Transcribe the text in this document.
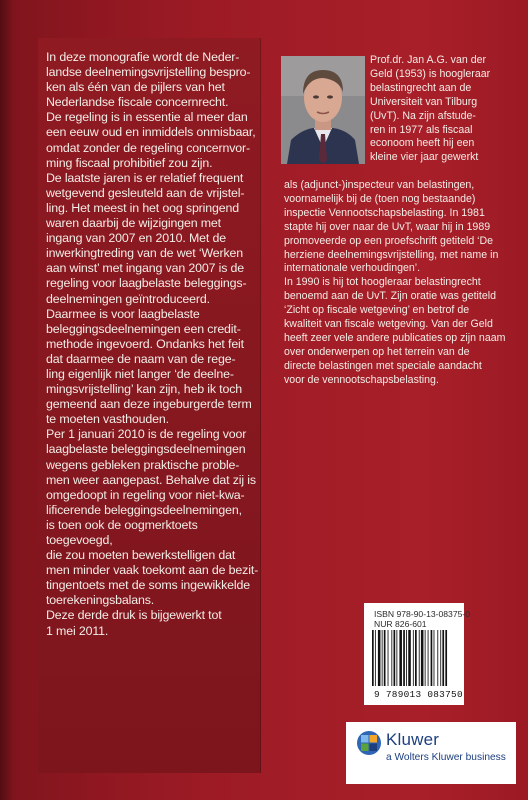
In deze monografie wordt de Neder-

landse deelnemingsvrijstelling bespro-

ken als één van de pijlers van het

Nederlandse fiscale concernrecht.

De regeling is in essentie al meer dan

een eeuw oud en inmiddels onmisbaar,

omdat zonder de regeling concernvor-

ming fiscaal prohibitief zou zijn.

De laatste jaren is er relatief frequent

wetgevend gesleuteld aan de vrijstel-

ling. Het meest in het oog springend

waren daarbij de wijzigingen met

ingang van 2007 en 2010. Met de

inwerkingtreding van de wet ‘Werken

aan winst’ met ingang van 2007 is de

regeling voor laagbelaste beleggings-

deelnemingen geïntroduceerd.

Daarmee is voor laagbelaste

beleggingsdeelnemingen een credit-

methode ingevoerd. Ondanks het feit

dat daarmee de naam van de rege-

ling eigenlijk niet langer ‘de deelne-

mingsvrijstelling’ kan zijn, heb ik toch

gemeend aan deze ingeburgerde term

te moeten vasthouden.

Per 1 januari 2010 is de regeling voor

laagbelaste beleggingsdeelnemingen

wegens gebleken praktische proble-

men weer aangepast. Behalve dat zij is

omgedoopt in regeling voor niet-kwa-

lificerende beleggingsdeelnemingen,

is toen ook de oogmerktoets toegevoegd,

die zou moeten bewerkstelligen dat

men minder vaak toekomt aan de bezit-

tingentoets met de soms ingewikkelde

toerekeningsbalans.

Deze derde druk is bijgewerkt tot

1 mei 2011.

Prof.dr. Jan A.G. van der

Geld (1953) is hoogleraar

belastingrecht aan de

Universiteit van Tilburg

(UvT). Na zijn afstude-

ren in 1977 als fiscaal

econoom heeft hij een

kleine vier jaar gewerkt

als (adjunct-)inspecteur van belastingen,

voornamelijk bij de (toen nog bestaande)

inspectie Vennootschapsbelasting. In 1981

stapte hij over naar de UvT, waar hij in 1989

promoveerde op een proefschrift getiteld ‘De

herziene deelnemingsvrijstelling, met name in

internationale verhoudingen’.

In 1990 is hij tot hoogleraar belastingrecht

benoemd aan de UvT. Zijn oratie was getiteld

‘Zicht op fiscale wetgeving’ en betrof de

kwaliteit van fiscale wetgeving. Van der Geld

heeft zeer vele andere publicaties op zijn naam

over onderwerpen op het terrein van de

directe belastingen met speciale aandacht

voor de vennootschapsbelasting.

ISBN 978-90-13-08375-0
NUR 826-601
9 789013 083750
Kluwer
a Wolters Kluwer business
